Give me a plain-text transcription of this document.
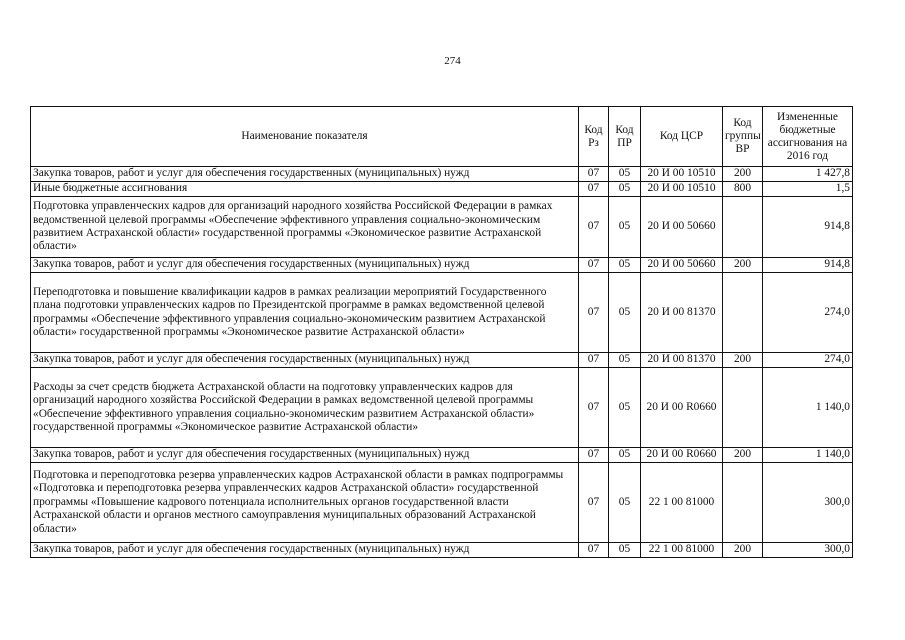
274
Наименование показателя	Код Рз	Код ПР	Код ЦСР	Код группы ВР	Измененные бюджетные ассигнования на 2016 год
Закупка товаров, работ и услуг для обеспечения государственных (муниципальных) нужд	07	05	20 И 00 10510	200	1 427,8
Иные бюджетные ассигнования	07	05	20 И 00 10510	800	1,5
Подготовка управленческих кадров для организаций народного хозяйства Российской Федерации в рамках ведомственной целевой программы «Обеспечение эффективного управления социально-экономическим развитием Астраханской области» государственной программы «Экономическое развитие Астраханской области»	07	05	20 И 00 50660		914,8
Закупка товаров, работ и услуг для обеспечения государственных (муниципальных) нужд	07	05	20 И 00 50660	200	914,8
Переподготовка и повышение квалификации кадров в рамках реализации мероприятий Государственного плана подготовки управленческих кадров по Президентской программе в рамках ведомственной целевой программы «Обеспечение эффективного управления социально-экономическим развитием Астраханской области» государственной программы «Экономическое развитие Астраханской области»	07	05	20 И 00 81370		274,0
Закупка товаров, работ и услуг для обеспечения государственных (муниципальных) нужд	07	05	20 И 00 81370	200	274,0
Расходы за счет средств бюджета Астраханской области на подготовку управленческих кадров для организаций народного хозяйства Российской Федерации в рамках ведомственной целевой программы «Обеспечение эффективного управления социально-экономическим развитием Астраханской области» государственной программы «Экономическое развитие Астраханской области»	07	05	20 И 00 R0660		1 140,0
Закупка товаров, работ и услуг для обеспечения государственных (муниципальных) нужд	07	05	20 И 00 R0660	200	1 140,0
Подготовка и переподготовка резерва управленческих кадров Астраханской области в рамках подпрограммы «Подготовка и переподготовка резерва управленческих кадров Астраханской области» государственной программы «Повышение кадрового потенциала исполнительных органов государственной власти Астраханской области и органов местного самоуправления муниципальных образований Астраханской области»	07	05	22 1 00 81000		300,0
Закупка товаров, работ и услуг для обеспечения государственных (муниципальных) нужд	07	05	22 1 00 81000	200	300,0
